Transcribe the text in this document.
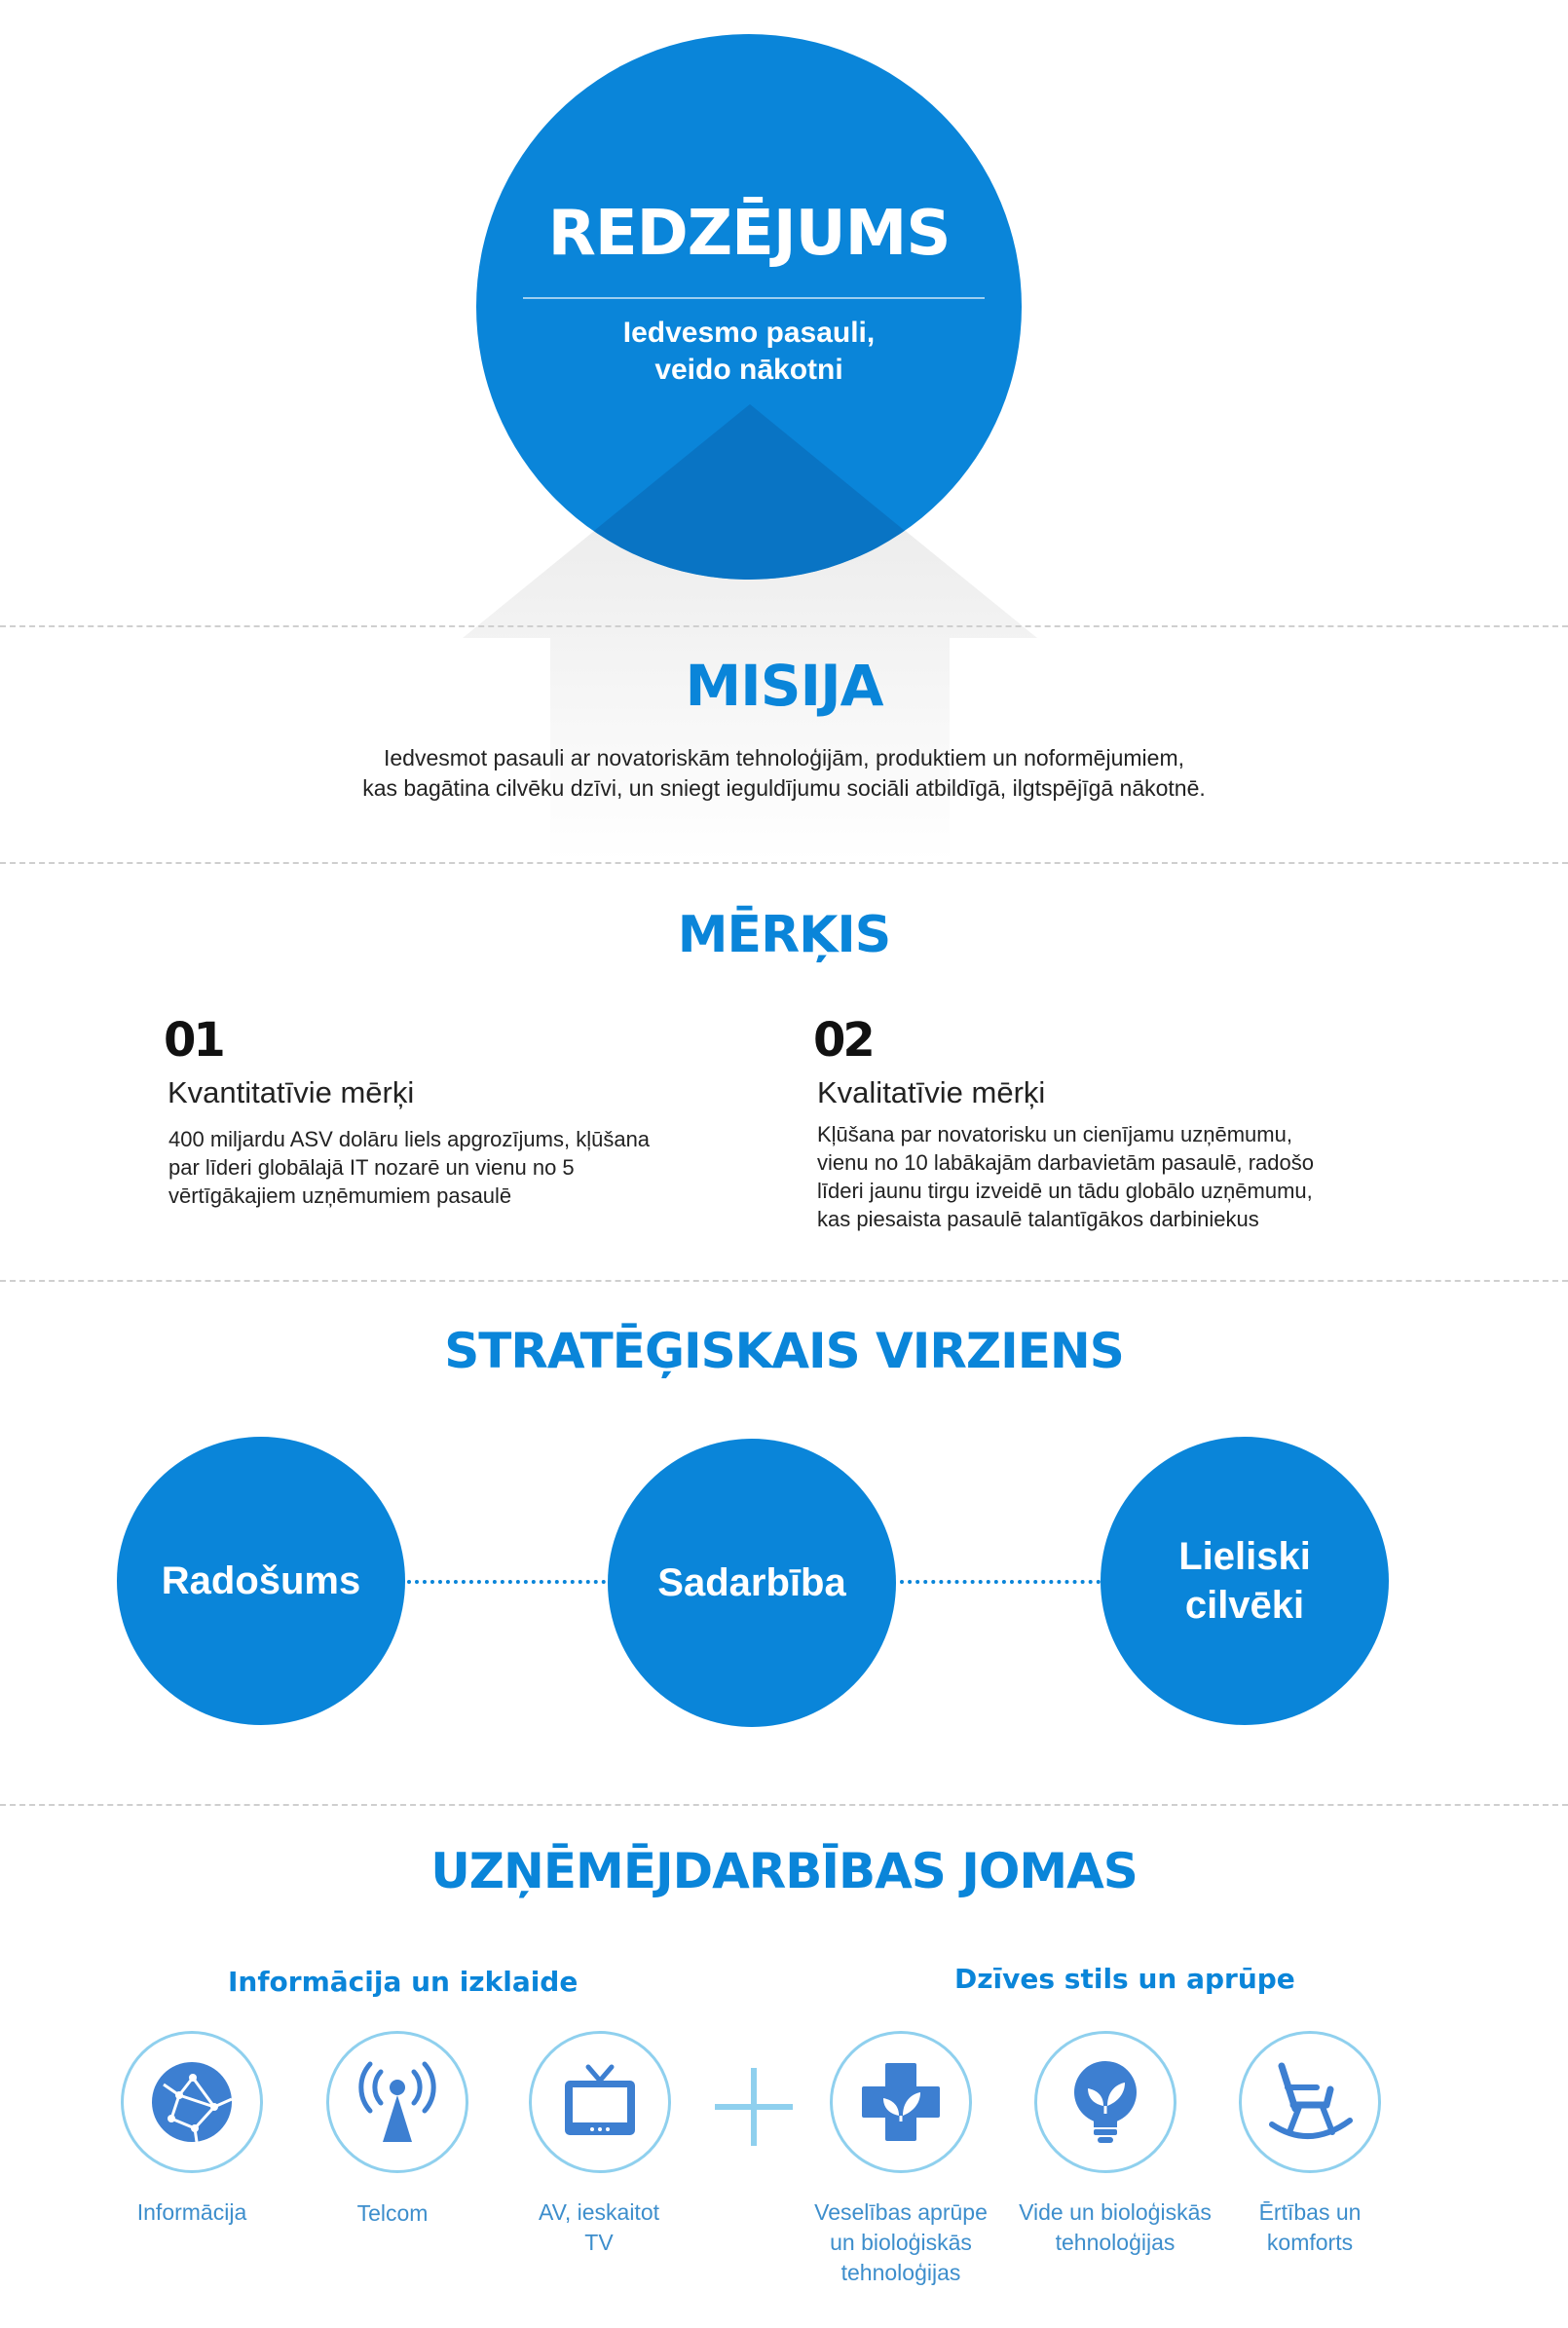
REDZĒJUMS
Iedvesmo pasauli,
veido nākotni
MISIJA
Iedvesmot pasauli ar novatoriskām tehnoloģijām, produktiem un noformējumiem,
kas bagātina cilvēku dzīvi, un sniegt ieguldījumu sociāli atbildīgā, ilgtspējīgā nākotnē.
MĒRĶIS
01
Kvantitatīvie mērķi
400 miljardu ASV dolāru liels apgrozījums, kļūšana
par līderi globālajā IT nozarē un vienu no 5
vērtīgākajiem uzņēmumiem pasaulē
02
Kvalitatīvie mērķi
Kļūšana par novatorisku un cienījamu uzņēmumu,
vienu no 10 labākajām darbavietām pasaulē, radošo
līderi jaunu tirgu izveidē un tādu globālo uzņēmumu,
kas piesaista pasaulē talantīgākos darbiniekus
STRATĒĢISKAIS VIRZIENS
Radošums	Sadarbība
Lieliski
cilvēki
UZŅĒMĒJDARBĪBAS JOMAS
Informācija un izklaide	Dzīves stils un aprūpe
Informācija	Telcom	AV, ieskaitot
TV
Veselības aprūpe
un bioloģiskās
tehnoloģijas
Vide un bioloģiskās
tehnoloģijas
Ērtības un
komforts
